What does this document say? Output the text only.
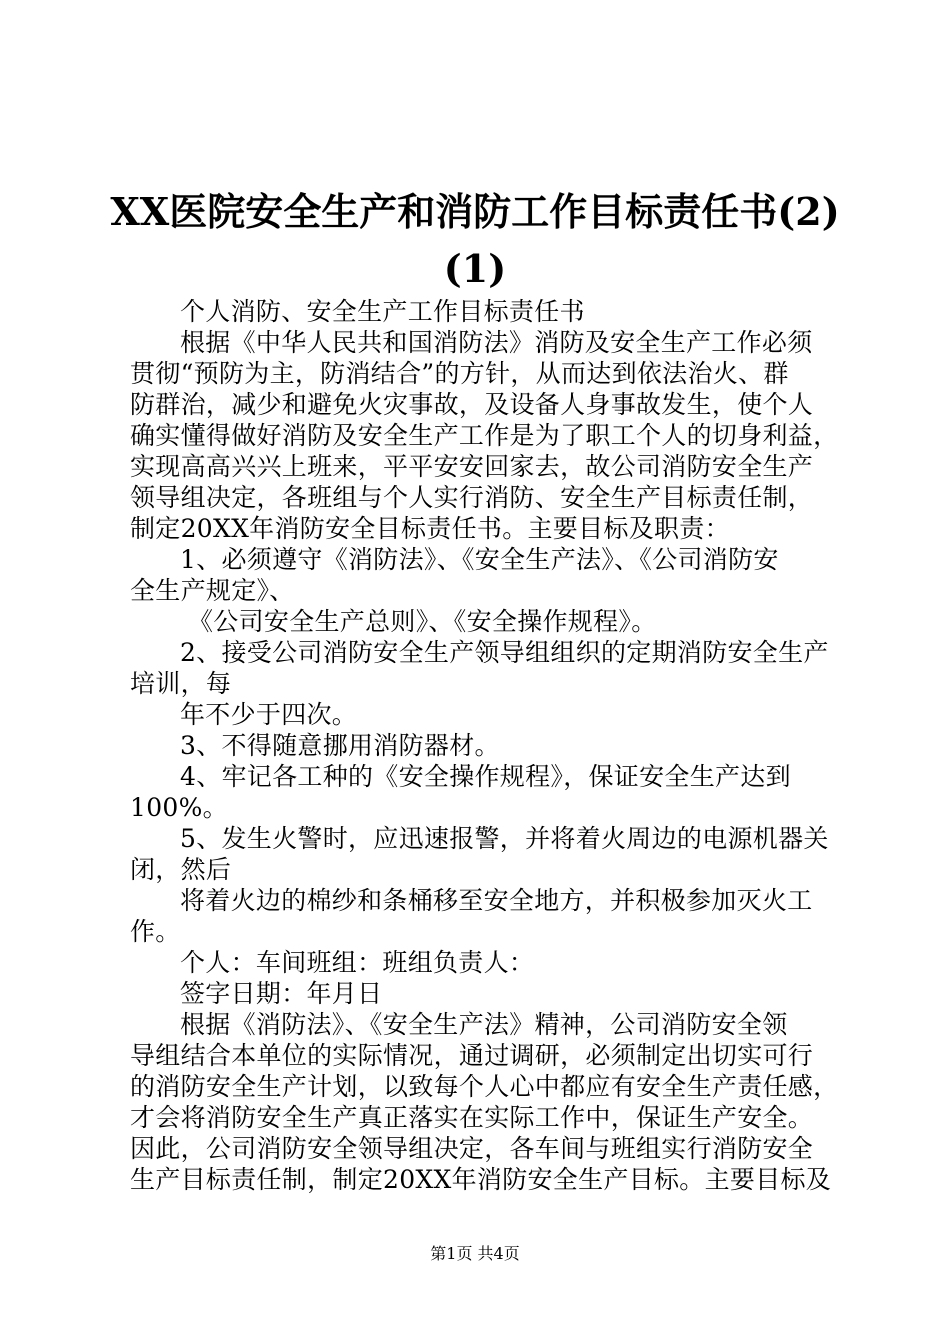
XX医院安全生产和消防工作目标责任书(2)
(1)
个人消防、安全生产工作目标责任书
根据《中华人民共和国消防法》消防及安全生产工作必须
贯彻“预防为主，防消结合”的方针，从而达到依法治火、群
防群治，减少和避免火灾事故，及设备人身事故发生，使个人
确实懂得做好消防及安全生产工作是为了职工个人的切身利益，
实现高高兴兴上班来，平平安安回家去，故公司消防安全生产
领导组决定，各班组与个人实行消防、安全生产目标责任制，
制定20XX年消防安全目标责任书。主要目标及职责：
1、必须遵守《消防法》、《安全生产法》、《公司消防安
全生产规定》、
《公司安全生产总则》、《安全操作规程》。
2、接受公司消防安全生产领导组组织的定期消防安全生产
培训，每
年不少于四次。
3、不得随意挪用消防器材。
4、牢记各工种的《安全操作规程》，保证安全生产达到
100%。
5、发生火警时，应迅速报警，并将着火周边的电源机器关
闭，然后
将着火边的棉纱和条桶移至安全地方，并积极参加灭火工
作。
个人：车间班组：班组负责人：
签字日期：年月日
根据《消防法》、《安全生产法》精神，公司消防安全领
导组结合本单位的实际情况，通过调研，必须制定出切实可行
的消防安全生产计划，以致每个人心中都应有安全生产责任感，
才会将消防安全生产真正落实在实际工作中，保证生产安全。
因此，公司消防安全领导组决定，各车间与班组实行消防安全
生产目标责任制，制定20XX年消防安全生产目标。主要目标及
第1页 共4页
